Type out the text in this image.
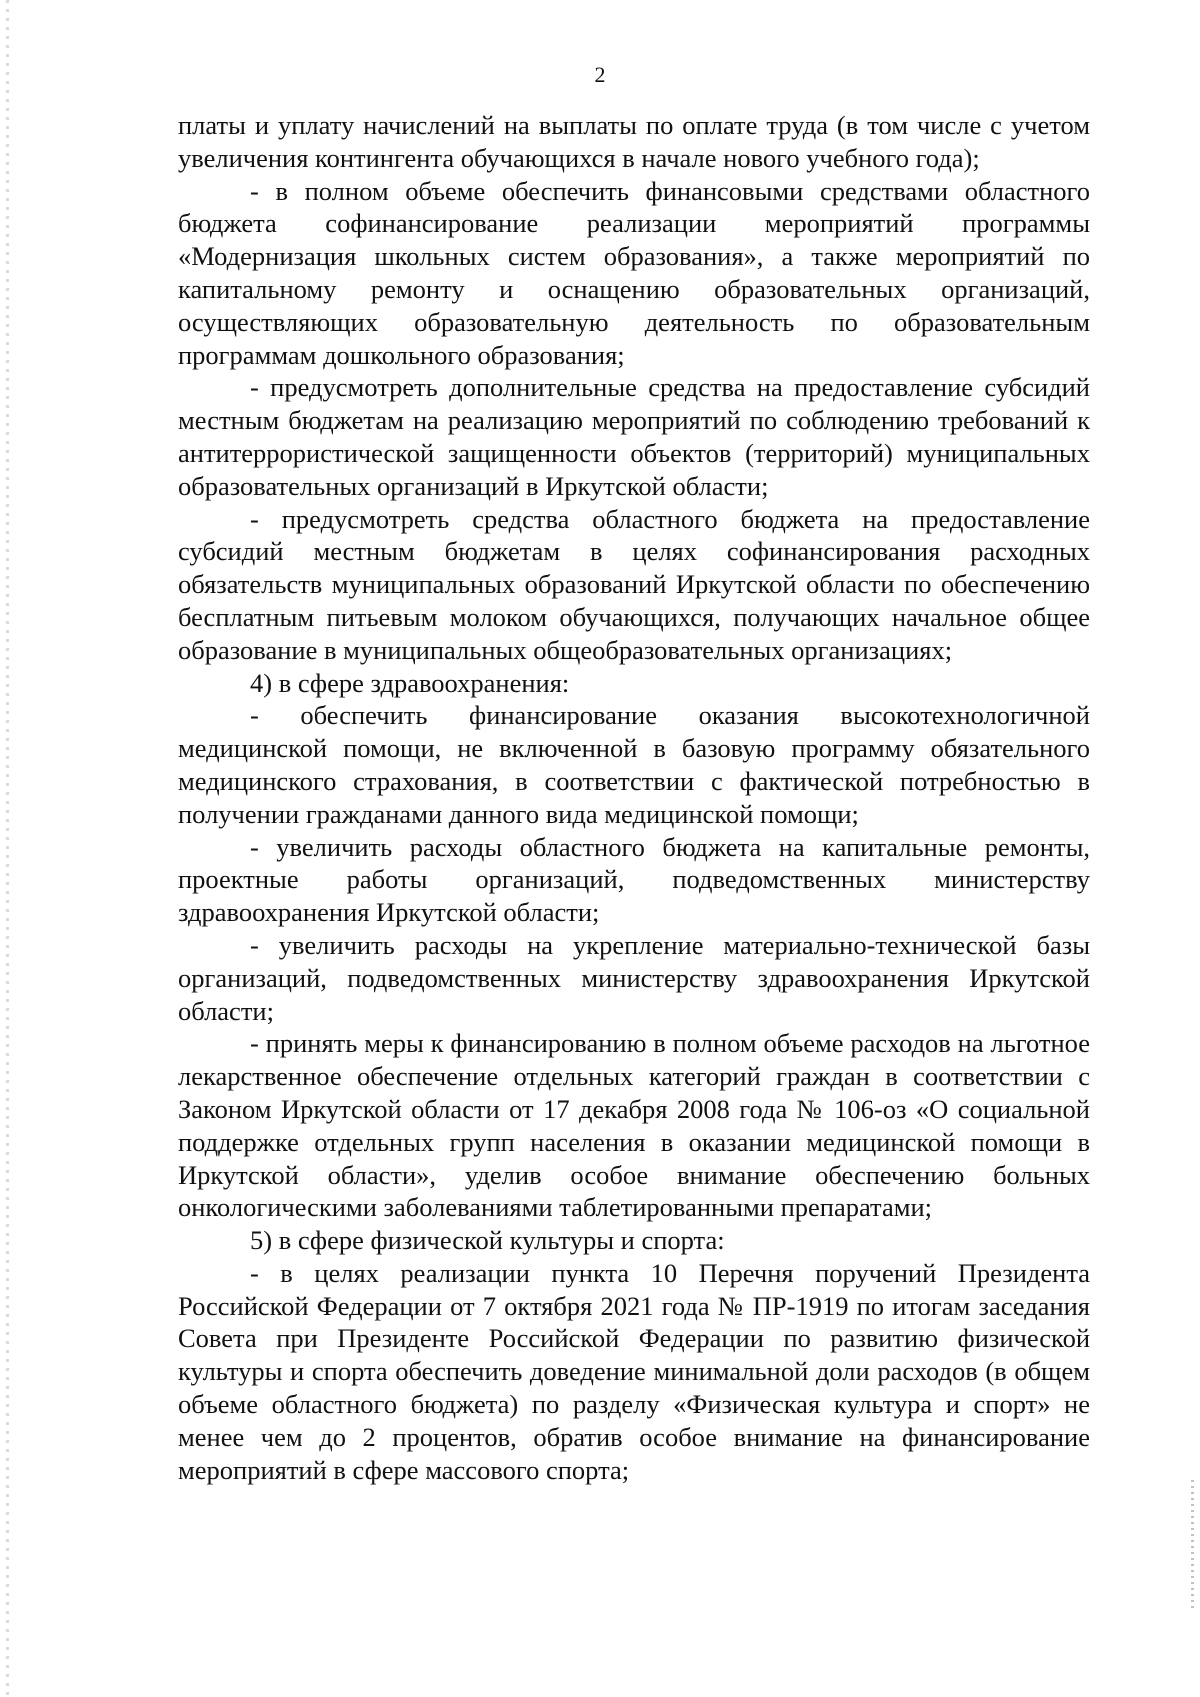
2

платы и уплату начислений на выплаты по оплате труда (в том числе с учетом увеличения контингента обучающихся в начале нового учебного года);

- в полном объеме обеспечить финансовыми средствами областного бюджета софинансирование реализации мероприятий программы «Модернизация школьных систем образования», а также мероприятий по капитальному ремонту и оснащению образовательных организаций, осуществляющих образовательную деятельность по образовательным программам дошкольного образования;

- предусмотреть дополнительные средства на предоставление субсидий местным бюджетам на реализацию мероприятий по соблюдению требований к антитеррористической защищенности объектов (территорий) муниципальных образовательных организаций в Иркутской области;

- предусмотреть средства областного бюджета на предоставление субсидий местным бюджетам в целях софинансирования расходных обязательств муниципальных образований Иркутской области по обеспечению бесплатным питьевым молоком обучающихся, получающих начальное общее образование в муниципальных общеобразовательных организациях;

4) в сфере здравоохранения:

- обеспечить финансирование оказания высокотехнологичной медицинской помощи, не включенной в базовую программу обязательного медицинского страхования, в соответствии с фактической потребностью в получении гражданами данного вида медицинской помощи;

- увеличить расходы областного бюджета на капитальные ремонты, проектные работы организаций, подведомственных министерству здравоохранения Иркутской области;

- увеличить расходы на укрепление материально-технической базы организаций, подведомственных министерству здравоохранения Иркутской области;

- принять меры к финансированию в полном объеме расходов на льготное лекарственное обеспечение отдельных категорий граждан в соответствии с Законом Иркутской области от 17 декабря 2008 года № 106-оз «О социальной поддержке отдельных групп населения в оказании медицинской помощи в Иркутской области», уделив особое внимание обеспечению больных онкологическими заболеваниями таблетированными препаратами;

5) в сфере физической культуры и спорта:

- в целях реализации пункта 10 Перечня поручений Президента Российской Федерации от 7 октября 2021 года № ПР-1919 по итогам заседания Совета при Президенте Российской Федерации по развитию физической культуры и спорта обеспечить доведение минимальной доли расходов (в общем объеме областного бюджета) по разделу «Физическая культура и спорт» не менее чем до 2 процентов, обратив особое внимание на финансирование мероприятий в сфере массового спорта;
